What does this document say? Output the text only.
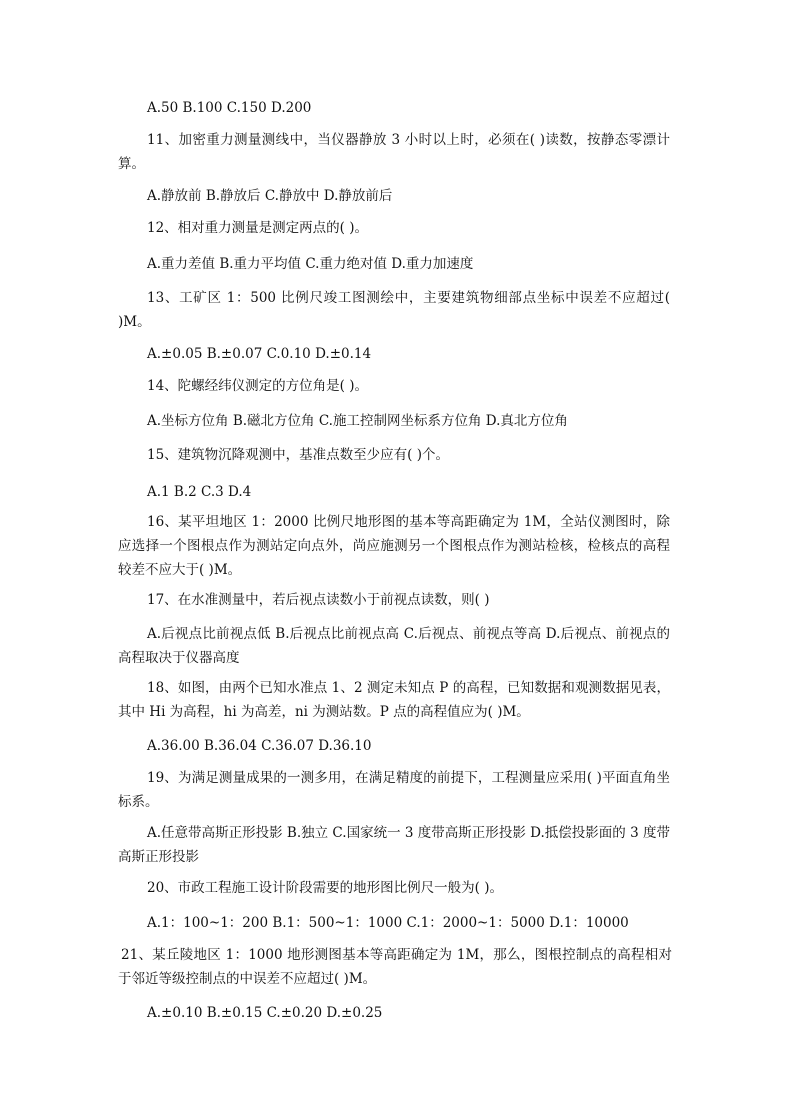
A.50 B.100 C.150 D.200
11、加密重力测量测线中，当仪器静放 3 小时以上时，必须在( )读数，按静态零漂计算。
A.静放前 B.静放后 C.静放中 D.静放前后
12、相对重力测量是测定两点的( )。
A.重力差值 B.重力平均值 C.重力绝对值 D.重力加速度
13、工矿区 1：500 比例尺竣工图测绘中，主要建筑物细部点坐标中误差不应超过( )M。
A.±0.05 B.±0.07 C.0.10 D.±0.14
14、陀螺经纬仪测定的方位角是( )。
A.坐标方位角 B.磁北方位角 C.施工控制网坐标系方位角 D.真北方位角
15、建筑物沉降观测中，基准点数至少应有( )个。
A.1 B.2 C.3 D.4
16、某平坦地区 1：2000 比例尺地形图的基本等高距确定为 1M，全站仪测图时，除应选择一个图根点作为测站定向点外，尚应施测另一个图根点作为测站检核，检核点的高程较差不应大于( )M。
17、在水准测量中，若后视点读数小于前视点读数，则( )
A.后视点比前视点低 B.后视点比前视点高 C.后视点、前视点等高 D.后视点、前视点的高程取决于仪器高度
18、如图，由两个已知水准点 1、2 测定未知点 P 的高程，已知数据和观测数据见表，其中 Hi 为高程，hi 为高差，ni 为测站数。P 点的高程值应为( )M。
A.36.00 B.36.04 C.36.07 D.36.10
19、为满足测量成果的一测多用，在满足精度的前提下，工程测量应采用( )平面直角坐标系。
A.任意带高斯正形投影 B.独立 C.国家统一 3 度带高斯正形投影 D.抵偿投影面的 3 度带高斯正形投影
20、市政工程施工设计阶段需要的地形图比例尺一般为( )。
A.1：100~1：200 B.1：500~1：1000 C.1：2000~1：5000 D.1：10000
21、某丘陵地区 1：1000 地形测图基本等高距确定为 1M，那么，图根控制点的高程相对于邻近等级控制点的中误差不应超过( )M。
A.±0.10 B.±0.15 C.±0.20 D.±0.25
